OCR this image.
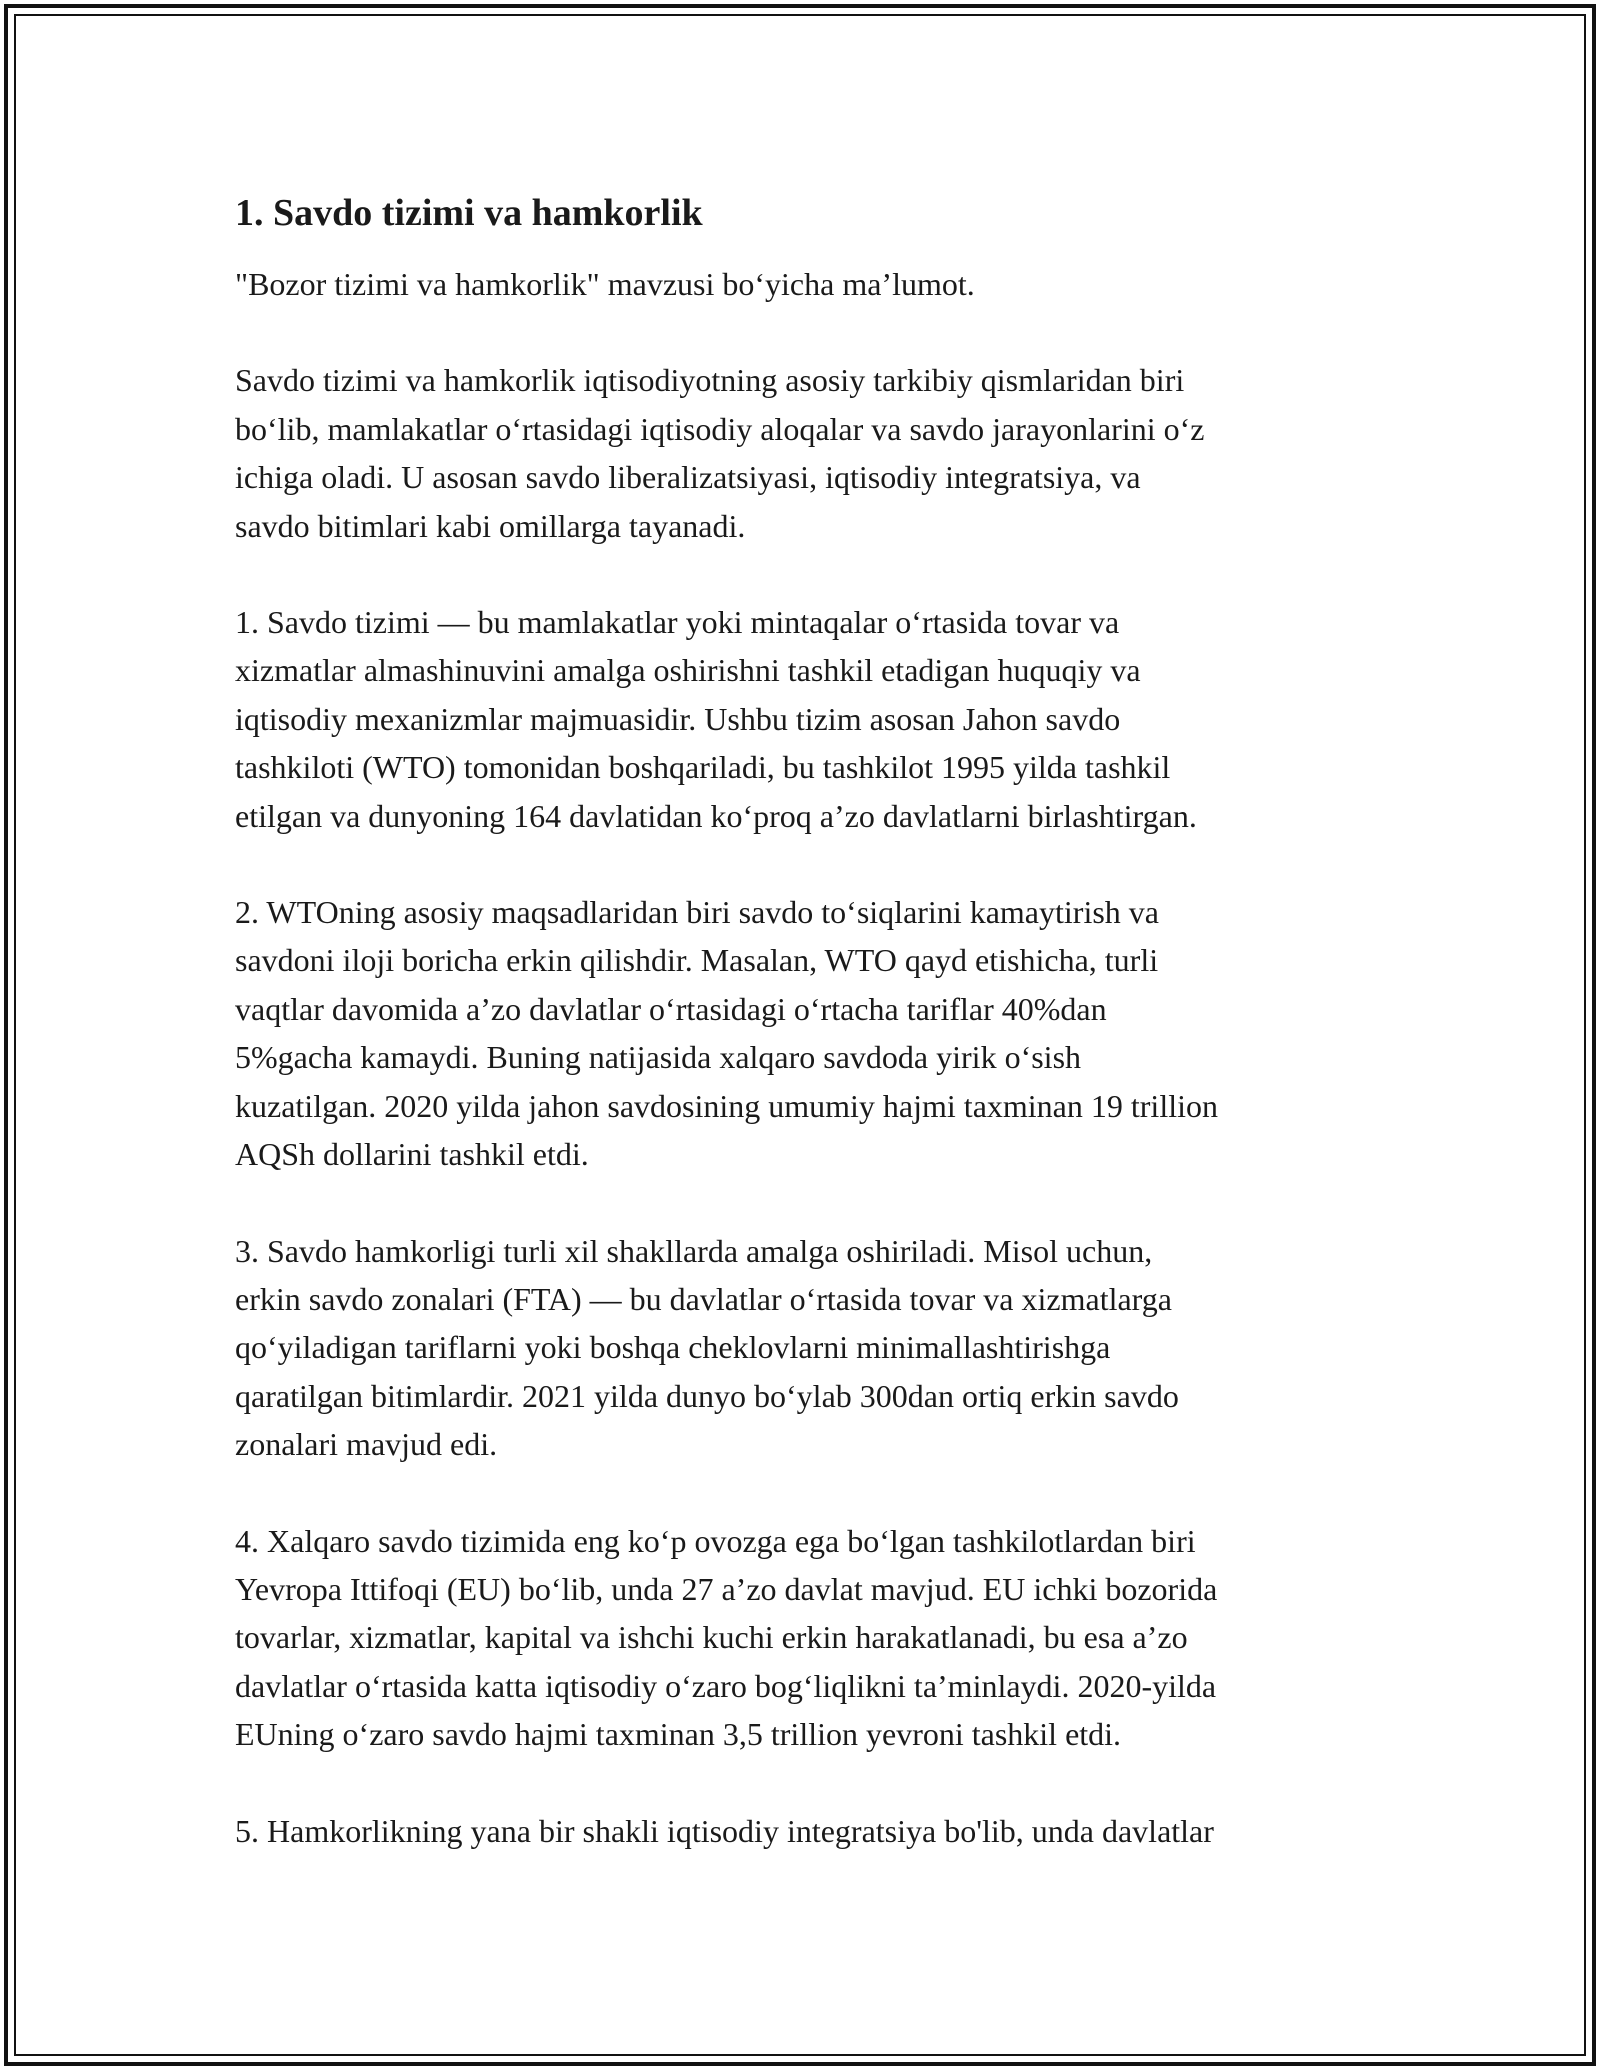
1. Savdo tizimi va hamkorlik

"Bozor tizimi va hamkorlik" mavzusi bo‘yicha ma’lumot.

Savdo tizimi va hamkorlik iqtisodiyotning asosiy tarkibiy qismlaridan biri
bo‘lib, mamlakatlar o‘rtasidagi iqtisodiy aloqalar va savdo jarayonlarini o‘z
ichiga oladi. U asosan savdo liberalizatsiyasi, iqtisodiy integratsiya, va
savdo bitimlari kabi omillarga tayanadi.

1. Savdo tizimi — bu mamlakatlar yoki mintaqalar o‘rtasida tovar va
xizmatlar almashinuvini amalga oshirishni tashkil etadigan huquqiy va
iqtisodiy mexanizmlar majmuasidir. Ushbu tizim asosan Jahon savdo
tashkiloti (WTO) tomonidan boshqariladi, bu tashkilot 1995 yilda tashkil
etilgan va dunyoning 164 davlatidan ko‘proq a’zo davlatlarni birlashtirgan.

2. WTOning asosiy maqsadlaridan biri savdo to‘siqlarini kamaytirish va
savdoni iloji boricha erkin qilishdir. Masalan, WTO qayd etishicha, turli
vaqtlar davomida a’zo davlatlar o‘rtasidagi o‘rtacha tariflar 40%dan
5%gacha kamaydi. Buning natijasida xalqaro savdoda yirik o‘sish
kuzatilgan. 2020 yilda jahon savdosining umumiy hajmi taxminan 19 trillion
AQSh dollarini tashkil etdi.

3. Savdo hamkorligi turli xil shakllarda amalga oshiriladi. Misol uchun,
erkin savdo zonalari (FTA) — bu davlatlar o‘rtasida tovar va xizmatlarga
qo‘yiladigan tariflarni yoki boshqa cheklovlarni minimallashtirishga
qaratilgan bitimlardir. 2021 yilda dunyo bo‘ylab 300dan ortiq erkin savdo
zonalari mavjud edi.

4. Xalqaro savdo tizimida eng ko‘p ovozga ega bo‘lgan tashkilotlardan biri
Yevropa Ittifoqi (EU) bo‘lib, unda 27 a’zo davlat mavjud. EU ichki bozorida
tovarlar, xizmatlar, kapital va ishchi kuchi erkin harakatlanadi, bu esa a’zo
davlatlar o‘rtasida katta iqtisodiy o‘zaro bog‘liqlikni ta’minlaydi. 2020-yilda
EUning o‘zaro savdo hajmi taxminan 3,5 trillion yevroni tashkil etdi.

5. Hamkorlikning yana bir shakli iqtisodiy integratsiya bo'lib, unda davlatlar
